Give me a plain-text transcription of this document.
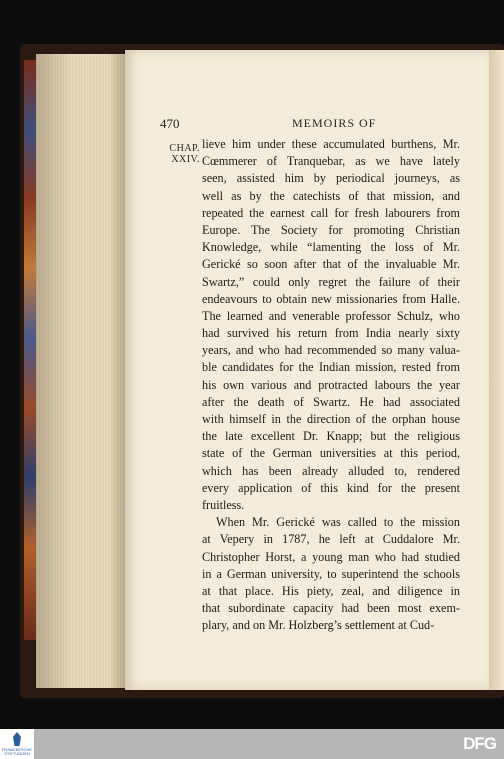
470	MEMOIRS OF
CHAP.
XXIV.
lieve him under these accumulated burthens, Mr.
Cœmmerer of Tranquebar, as we have lately
seen, assisted him by periodical journeys, as
well as by the catechists of that mission, and
repeated the earnest call for fresh labourers from
Europe. The Society for promoting Christian
Knowledge, while “lamenting the loss of Mr.
Gerické so soon after that of the invaluable Mr.
Swartz,” could only regret the failure of their
endeavours to obtain new missionaries from Halle.
The learned and venerable professor Schulz, who
had survived his return from India nearly sixty
years, and who had recommended so many valua-
ble candidates for the Indian mission, rested from
his own various and protracted labours the year
after the death of Swartz. He had associated
with himself in the direction of the orphan house
the late excellent Dr. Knapp; but the religious
state of the German universities at this period,
which has been already alluded to, rendered
every application of this kind for the present
fruitless.
When Mr. Gerické was called to the mission
at Vepery in 1787, he left at Cuddalore Mr.
Christopher Horst, a young man who had studied
in a German university, to superintend the schools
at that place. His piety, zeal, and diligence in
that subordinate capacity had been most exem-
plary, and on Mr. Holzberg’s settlement at Cud-
FRANCKESCHE STIFTUNGEN
DFG
